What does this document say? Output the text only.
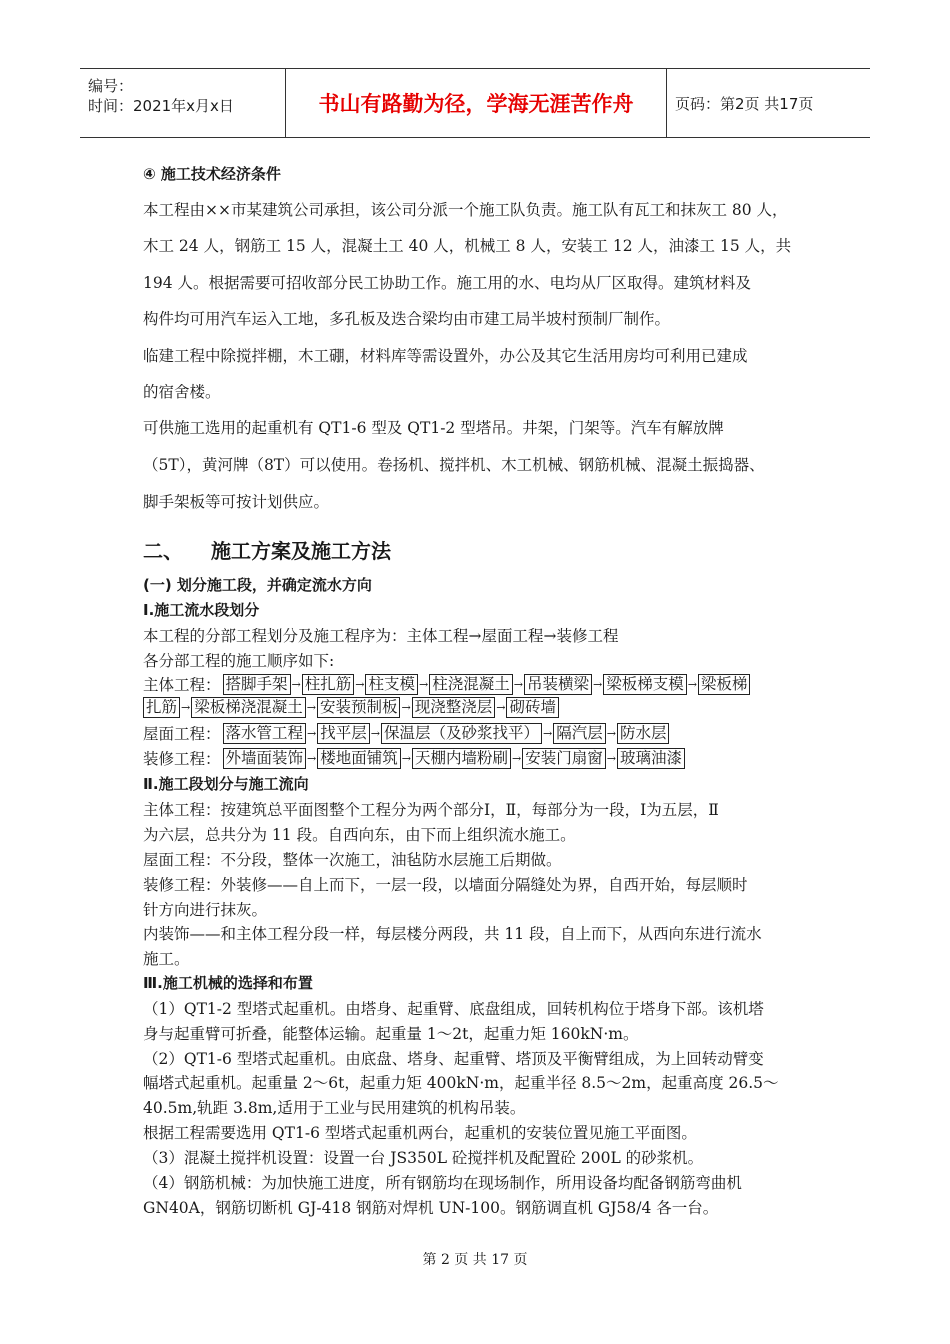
编号：
时间：2021年x月x日	书山有路勤为径，学海无涯苦作舟	页码：第2页 共17页
④ 施工技术经济条件
本工程由××市某建筑公司承担，该公司分派一个施工队负责。施工队有瓦工和抹灰工 80 人，
木工 24 人，钢筋工 15 人，混凝土工 40 人，机械工 8 人，安装工 12 人，油漆工 15 人，共
194 人。根据需要可招收部分民工协助工作。施工用的水、电均从厂区取得。建筑材料及
构件均可用汽车运入工地，多孔板及迭合梁均由市建工局半坡村预制厂制作。
临建工程中除搅拌棚，木工硼，材料库等需设置外，办公及其它生活用房均可利用已建成
的宿舍楼。
可供施工选用的起重机有 QT1-6 型及 QT1-2 型塔吊。井架，门架等。汽车有解放牌
（5T），黄河牌（8T）可以使用。卷扬机、搅拌机、木工机械、钢筋机械、混凝土振捣器、
脚手架板等可按计划供应。
二、 施工方案及施工方法
(一) 划分施工段，并确定流水方向
Ⅰ.施工流水段划分
本工程的分部工程划分及施工程序为：主体工程→屋面工程→装修工程
各分部工程的施工顺序如下:
主体工程： 搭脚手架 → 柱扎筋 → 柱支模 → 柱浇混凝土 → 吊装横梁 → 梁板梯支模 → 梁板梯
扎筋 → 梁板梯浇混凝土 → 安装预制板 → 现浇整浇层 → 砌砖墙
屋面工程： 落水管工程 → 找平层 → 保温层（及砂浆找平） → 隔汽层 → 防水层
装修工程： 外墙面装饰 → 楼地面铺筑 → 天棚内墙粉刷 → 安装门扇窗 → 玻璃油漆
Ⅱ.施工段划分与施工流向
主体工程：按建筑总平面图整个工程分为两个部分Ⅰ，Ⅱ，每部分为一段，Ⅰ为五层，Ⅱ
为六层，总共分为 11 段。自西向东，由下而上组织流水施工。
屋面工程：不分段，整体一次施工，油毡防水层施工后期做。
装修工程：外装修——自上而下，一层一段，以墙面分隔缝处为界，自西开始，每层顺时
针方向进行抹灰。
内装饰——和主体工程分段一样，每层楼分两段，共 11 段，自上而下，从西向东进行流水
施工。
Ⅲ.施工机械的选择和布置
（1）QT1-2 型塔式起重机。由塔身、起重臂、底盘组成，回转机构位于塔身下部。该机塔
身与起重臂可折叠，能整体运输。起重量 1～2t，起重力矩 160kN·m。
（2）QT1-6 型塔式起重机。由底盘、塔身、起重臂、塔顶及平衡臂组成，为上回转动臂变
幅塔式起重机。起重量 2～6t，起重力矩 400kN·m，起重半径 8.5～2m，起重高度 26.5～
40.5m,轨距 3.8m,适用于工业与民用建筑的机构吊装。
根据工程需要选用 QT1-6 型塔式起重机两台，起重机的安装位置见施工平面图。
（3）混凝土搅拌机设置：设置一台 JS350L 砼搅拌机及配置砼 200L 的砂浆机。
（4）钢筋机械：为加快施工进度，所有钢筋均在现场制作，所用设备均配备钢筋弯曲机
GN40A，钢筋切断机 GJ-418 钢筋对焊机 UN-100。钢筋调直机 GJ58/4 各一台。
第 2 页 共 17 页
